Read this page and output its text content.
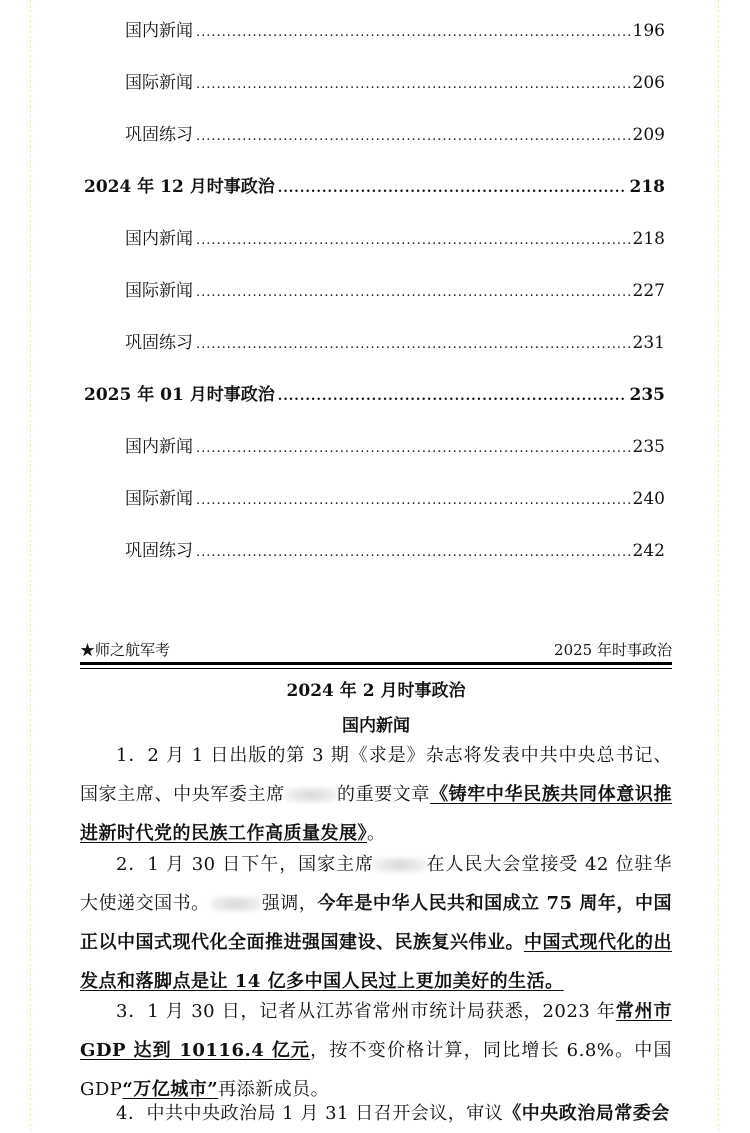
国内新闻 .....	196
国际新闻 .....	206
巩固练习 .....	209
2024 年 12 月时事政治 .....	218
国内新闻 .....	218
国际新闻 .....	227
巩固练习 .....	231
2025 年 01 月时事政治 .....	235
国内新闻 .....	235
国际新闻 .....	240
巩固练习 .....	242
★师之航军考	2025 年时事政治
2024 年 2 月时事政治
国内新闻
1．2 月 1 日出版的第 3 期《求是》杂志将发表中共中央总书记、国家主席、中央军委主席	的重要文章《铸牢中华民族共同体意识推进新时代党的民族工作高质量发展》。
2．1 月 30 日下午，国家主席	在人民大会堂接受 42 位驻华大使递交国书。	强调，今年是中华人民共和国成立 75 周年，中国正以中国式现代化全面推进强国建设、民族复兴伟业。中国式现代化的出发点和落脚点是让 14 亿多中国人民过上更加美好的生活。
3．1 月 30 日，记者从江苏省常州市统计局获悉，2023 年常州市 GDP 达到 10116.4 亿元，按不变价格计算，同比增长 6.8%。中国 GDP“万亿城市”再添新成员。
4．中共中央政治局 1 月 31 日召开会议，审议《中央政治局常委会
